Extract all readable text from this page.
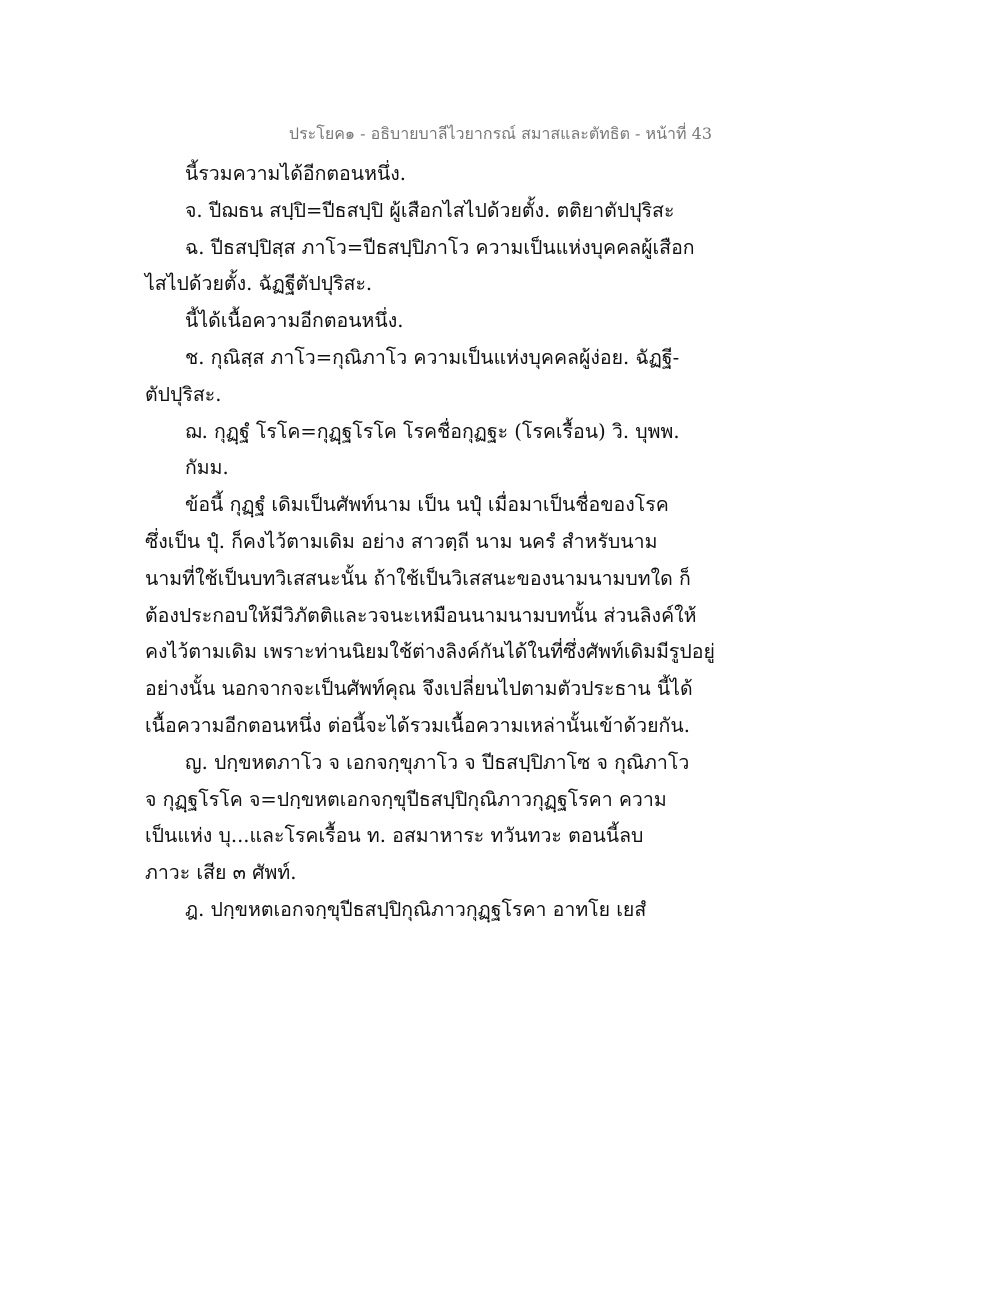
ประโยค๑ - อธิบายบาลีไวยากรณ์ สมาสและตัทธิต - หน้าที่ 43
นี้รวมความได้อีกตอนหนึ่ง.
จ. ปีฌธน สปฺปิ=ปีธสปฺปิ ผู้เสือกไสไปด้วยตั้ง. ตติยาตัปปุริสะ
ฉ. ปีธสปฺปิสฺส ภาโว=ปีธสปฺปิภาโว ความเป็นแห่งบุคคลผู้เสือก
ไสไปด้วยตั้ง. ฉัฏฐีตัปปุริสะ.
นี้ได้เนื้อความอีกตอนหนึ่ง.
ช. กุณิสฺส ภาโว=กุณิภาโว ความเป็นแห่งบุคคลผู้ง่อย. ฉัฏฐี-
ตัปปุริสะ.
ฌ. กุฏฺฐํ โรโค=กุฏฺฐโรโค โรคชื่อกุฏฐะ (โรคเรื้อน) วิ. บุพพ.
กัมม.
ข้อนี้ กุฏฺฐํ เดิมเป็นศัพท์นาม เป็น นปุํ เมื่อมาเป็นชื่อของโรค
ซึ่งเป็น ปุํ. ก็คงไว้ตามเดิม อย่าง สาวตฺถี นาม นครํ สำหรับนาม
นามที่ใช้เป็นบทวิเสสนะนั้น ถ้าใช้เป็นวิเสสนะของนามนามบทใด ก็
ต้องประกอบให้มีวิภัตติและวจนะเหมือนนามนามบทนั้น ส่วนลิงค์ให้
คงไว้ตามเดิม เพราะท่านนิยมใช้ต่างลิงค์กันได้ในที่ซึ่งศัพท์เดิมมีรูปอยู่
อย่างนั้น นอกจากจะเป็นศัพท์คุณ จึงเปลี่ยนไปตามตัวประธาน นี้ได้
เนื้อความอีกตอนหนึ่ง ต่อนี้จะได้รวมเนื้อความเหล่านั้นเข้าด้วยกัน.
ญ. ปกฺขหตภาโว จ เอกจกฺขุภาโว จ ปีธสปฺปิภาโซ จ กุณิภาโว
จ กุฏฺฐโรโค จ=ปกฺขหตเอกจกฺขุปีธสปฺปิกุณิภาวกุฏฺฐโรคา ความ
เป็นแห่ง บุ...และโรคเรื้อน ท. อสมาหาระ ทวันทวะ ตอนนี้ลบ
ภาวะ เสีย ๓ ศัพท์.
ฎ. ปกฺขหตเอกจกฺขุปีธสปฺปิกุณิภาวกุฏฺฐโรคา อาทโย เยสํ
